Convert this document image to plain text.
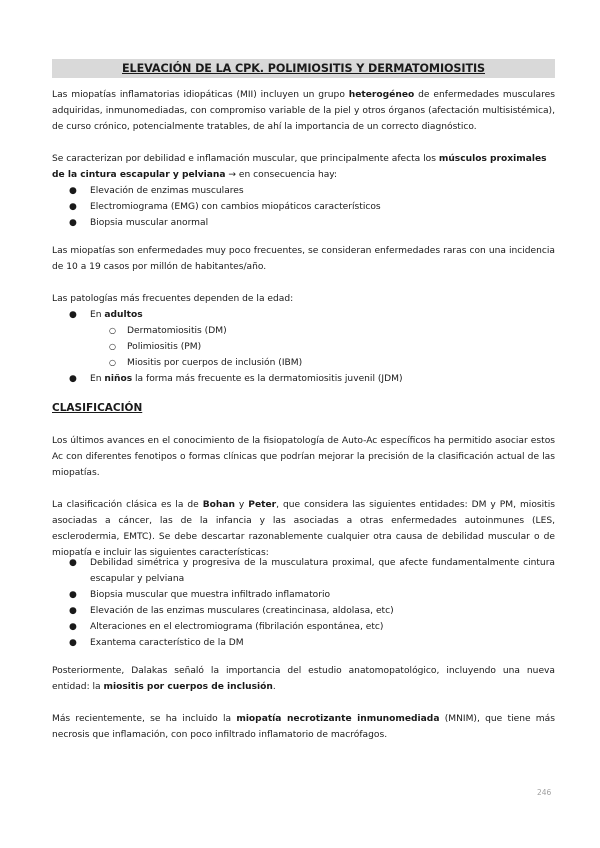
ELEVACIÓN DE LA CPK. POLIMIOSITIS Y DERMATOMIOSITIS
Las miopatías inflamatorias idiopáticas (MII) incluyen un grupo heterogéneo de enfermedades musculares adquiridas, inmunomediadas, con compromiso variable de la piel y otros órganos (afectación multisistémica), de curso crónico, potencialmente tratables, de ahí la importancia de un correcto diagnóstico.
Se caracterizan por debilidad e inflamación muscular, que principalmente afecta los músculos proximales de la cintura escapular y pelviana → en consecuencia hay:
● Elevación de enzimas musculares
● Electromiograma (EMG) con cambios miopáticos característicos
● Biopsia muscular anormal
Las miopatías son enfermedades muy poco frecuentes, se consideran enfermedades raras con una incidencia de 10 a 19 casos por millón de habitantes/año.
Las patologías más frecuentes dependen de la edad:
● En adultos
○ Dermatomiositis (DM)
○ Polimiositis (PM)
○ Miositis por cuerpos de inclusión (IBM)
● En niños la forma más frecuente es la dermatomiositis juvenil (JDM)
CLASIFICACIÓN
Los últimos avances en el conocimiento de la fisiopatología de Auto-Ac específicos ha permitido asociar estos Ac con diferentes fenotipos o formas clínicas que podrían mejorar la precisión de la clasificación actual de las miopatías.
La clasificación clásica es la de Bohan y Peter, que considera las siguientes entidades: DM y PM, miositis asociadas a cáncer, las de la infancia y las asociadas a otras enfermedades autoinmunes (LES, esclerodermia, EMTC). Se debe descartar razonablemente cualquier otra causa de debilidad muscular o de miopatía e incluir las siguientes características:
● Debilidad simétrica y progresiva de la musculatura proximal, que afecte fundamentalmente cintura escapular y pelviana
● Biopsia muscular que muestra infiltrado inflamatorio
● Elevación de las enzimas musculares (creatincinasa, aldolasa, etc)
● Alteraciones en el electromiograma (fibrilación espontánea, etc)
● Exantema característico de la DM
Posteriormente, Dalakas señaló la importancia del estudio anatomopatológico, incluyendo una nueva entidad: la miositis por cuerpos de inclusión.
Más recientemente, se ha incluido la miopatía necrotizante inmunomediada (MNIM), que tiene más necrosis que inflamación, con poco infiltrado inflamatorio de macrófagos.
246
